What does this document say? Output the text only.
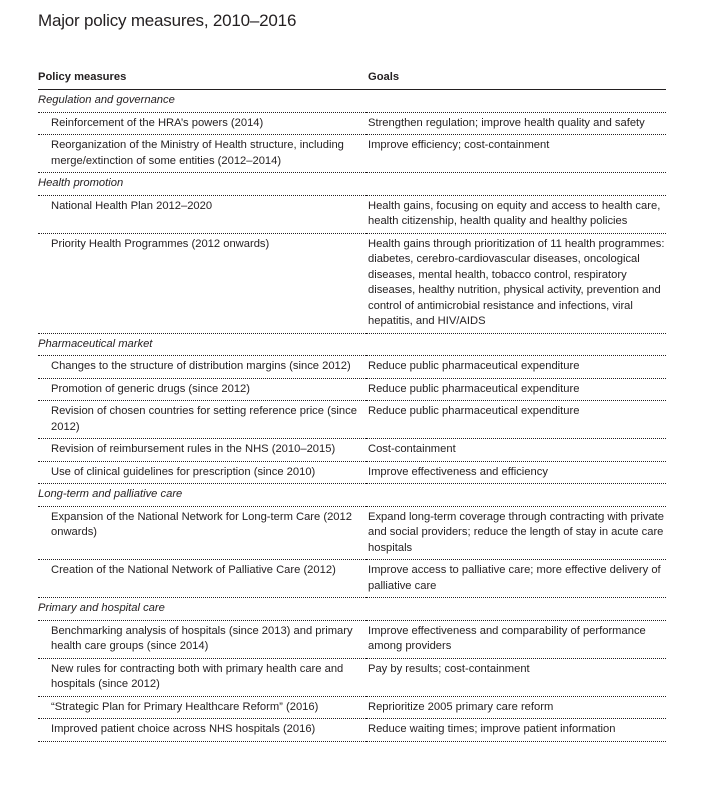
Major policy measures, 2010–2016
Policy measures	Goals
Regulation and governance	
Reinforcement of the HRA’s powers (2014)	Strengthen regulation; improve health quality and safety
Reorganization of the Ministry of Health structure, including merge/extinction of some entities (2012–2014)	Improve efficiency; cost-containment
Health promotion	
National Health Plan 2012–2020	Health gains, focusing on equity and access to health care, health citizenship, health quality and healthy policies
Priority Health Programmes (2012 onwards)	Health gains through prioritization of 11 health programmes: diabetes, cerebro-cardiovascular diseases, oncological diseases, mental health, tobacco control, respiratory diseases, healthy nutrition, physical activity, prevention and control of antimicrobial resistance and infections, viral hepatitis, and HIV/AIDS
Pharmaceutical market	
Changes to the structure of distribution margins (since 2012)	Reduce public pharmaceutical expenditure
Promotion of generic drugs (since 2012)	Reduce public pharmaceutical expenditure
Revision of chosen countries for setting reference price (since 2012)	Reduce public pharmaceutical expenditure
Revision of reimbursement rules in the NHS (2010–2015)	Cost-containment
Use of clinical guidelines for prescription (since 2010)	Improve effectiveness and efficiency
Long-term and palliative care	
Expansion of the National Network for Long-term Care (2012 onwards)	Expand long-term coverage through contracting with private and social providers; reduce the length of stay in acute care hospitals
Creation of the National Network of Palliative Care (2012)	Improve access to palliative care; more effective delivery of palliative care
Primary and hospital care	
Benchmarking analysis of hospitals (since 2013) and primary health care groups (since 2014)	Improve effectiveness and comparability of performance among providers
New rules for contracting both with primary health care and hospitals (since 2012)	Pay by results; cost-containment
“Strategic Plan for Primary Healthcare Reform” (2016)	Reprioritize 2005 primary care reform
Improved patient choice across NHS hospitals (2016)	Reduce waiting times; improve patient information
